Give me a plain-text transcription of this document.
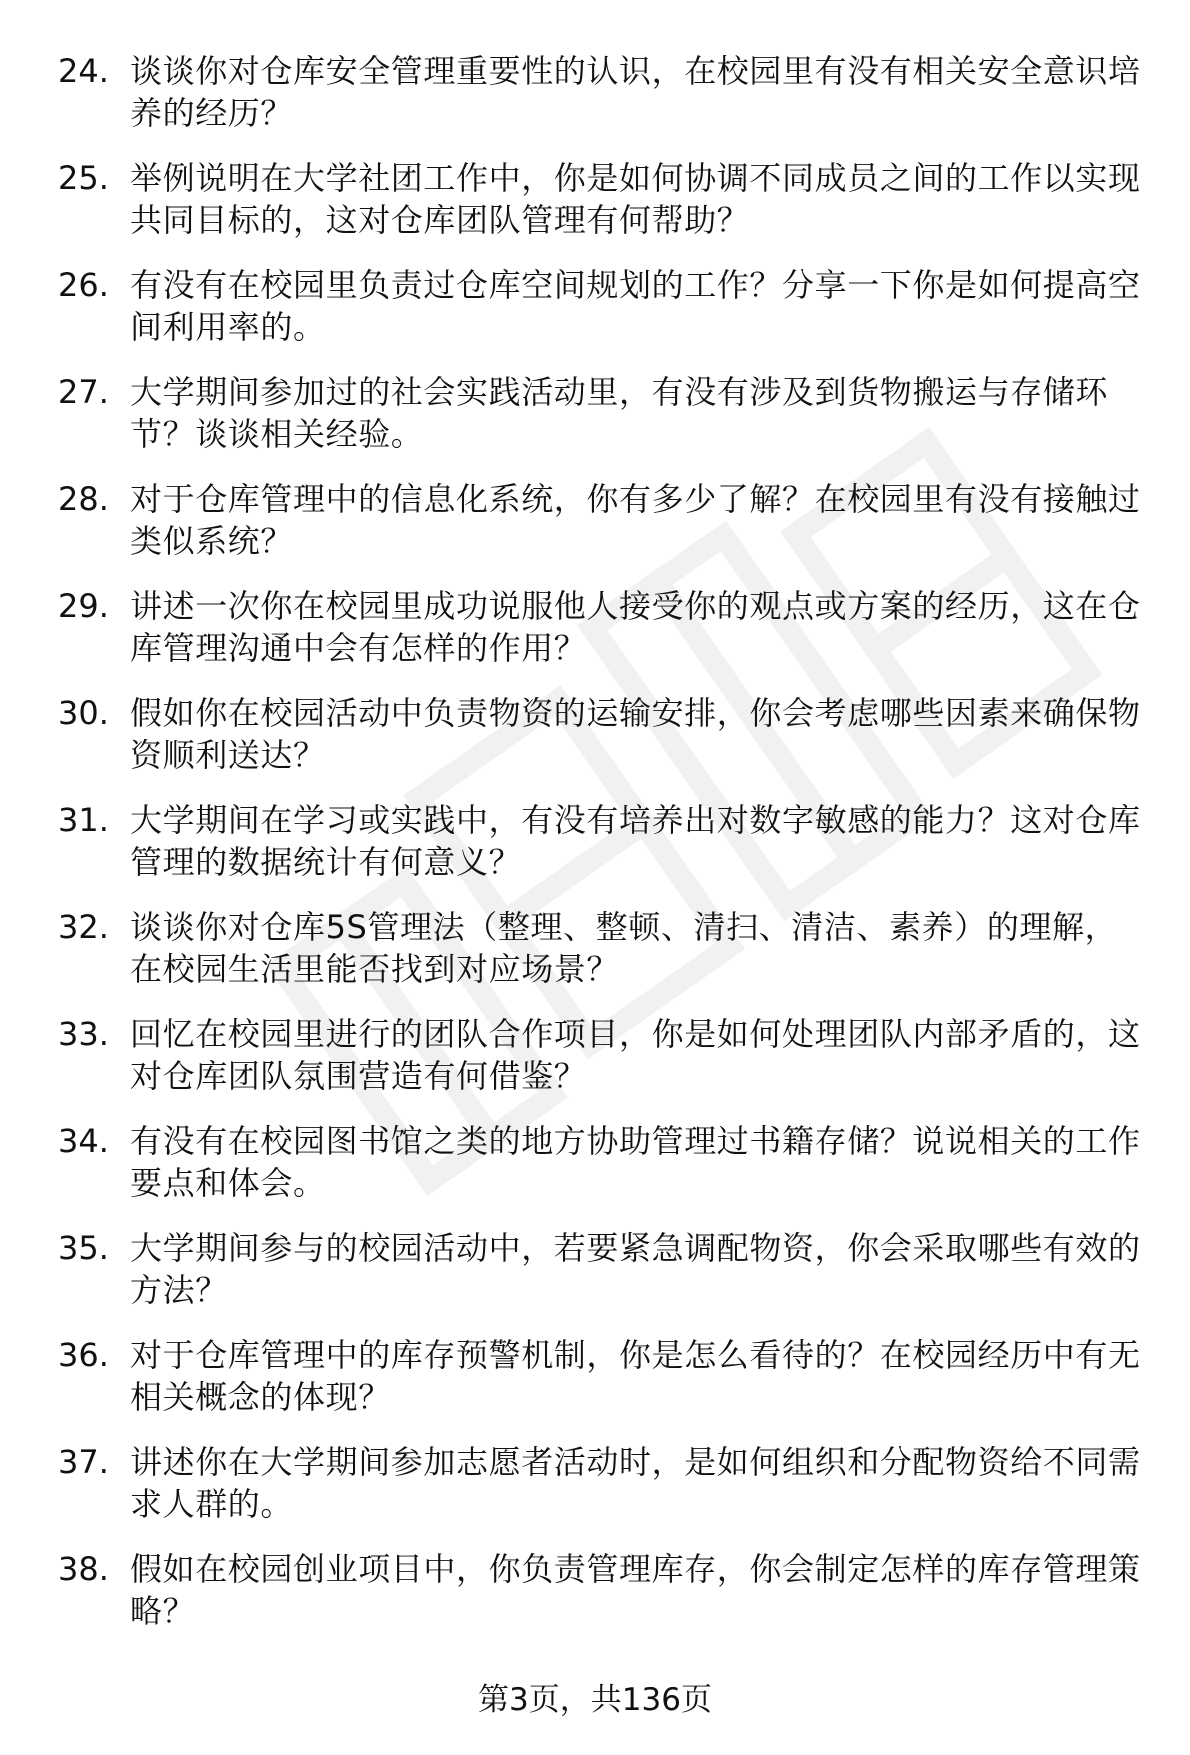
24. 谈谈你对仓库安全管理重要性的认识，在校园里有没有相关安全意识培养的经历？
25. 举例说明在大学社团工作中，你是如何协调不同成员之间的工作以实现共同目标的，这对仓库团队管理有何帮助？
26. 有没有在校园里负责过仓库空间规划的工作？分享一下你是如何提高空间利用率的。
27. 大学期间参加过的社会实践活动里，有没有涉及到货物搬运与存储环节？谈谈相关经验。
28. 对于仓库管理中的信息化系统，你有多少了解？在校园里有没有接触过类似系统？
29. 讲述一次你在校园里成功说服他人接受你的观点或方案的经历，这在仓库管理沟通中会有怎样的作用？
30. 假如你在校园活动中负责物资的运输安排，你会考虑哪些因素来确保物资顺利送达？
31. 大学期间在学习或实践中，有没有培养出对数字敏感的能力？这对仓库管理的数据统计有何意义？
32. 谈谈你对仓库5S管理法（整理、整顿、清扫、清洁、素养）的理解，在校园生活里能否找到对应场景？
33. 回忆在校园里进行的团队合作项目，你是如何处理团队内部矛盾的，这对仓库团队氛围营造有何借鉴？
34. 有没有在校园图书馆之类的地方协助管理过书籍存储？说说相关的工作要点和体会。
35. 大学期间参与的校园活动中，若要紧急调配物资，你会采取哪些有效的方法？
36. 对于仓库管理中的库存预警机制，你是怎么看待的？在校园经历中有无相关概念的体现？
37. 讲述你在大学期间参加志愿者活动时，是如何组织和分配物资给不同需求人群的。
38. 假如在校园创业项目中，你负责管理库存，你会制定怎样的库存管理策略？
第3页，共136页
